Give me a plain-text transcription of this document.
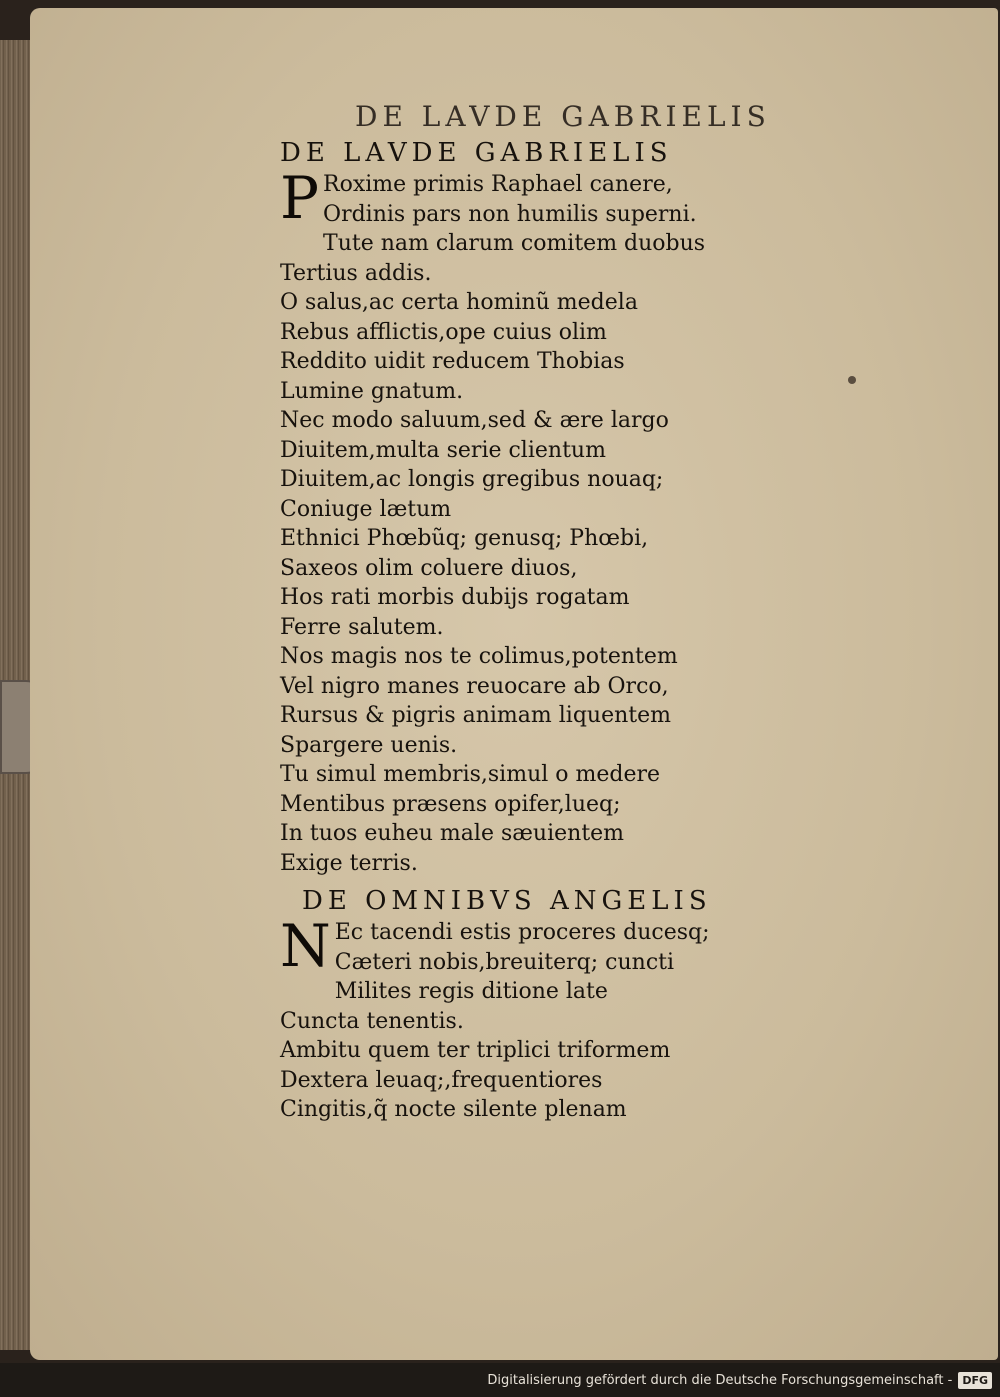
DE LAVDE GABRIELIS
DE LAVDE GABRIELIS
P Roxime primis Raphael canere,
Ordinis pars non humilis superni.
Tute nam clarum comitem duobus
Tertius addis.
O salus,ac certa hominũ medela
Rebus afflictis,ope cuius olim
Reddito uidit reducem Thobias
Lumine gnatum.
Nec modo saluum,sed & ære largo
Diuitem,multa serie clientum
Diuitem,ac longis gregibus nouaq;
Coniuge lætum
Ethnici Phœbũq; genusq; Phœbi,
Saxeos olim coluere diuos,
Hos rati morbis dubijs rogatam
Ferre salutem.
Nos magis nos te colimus,potentem
Vel nigro manes reuocare ab Orco,
Rursus & pigris animam liquentem
Spargere uenis.
Tu simul membris,simul o medere
Mentibus præsens opifer,lueq;
In tuos euheu male sæuientem
Exige terris.
DE OMNIBVS ANGELIS
N Ec tacendi estis proceres ducesq;
Cæteri nobis,breuiterq; cuncti
Milites regis ditione late
Cuncta tenentis.
Ambitu quem ter triplici triformem
Dextera leuaq;,frequentiores
Cingitis,q̃ nocte silente plenam
Digitalisierung gefördert durch die Deutsche Forschungsgemeinschaft - DFG
